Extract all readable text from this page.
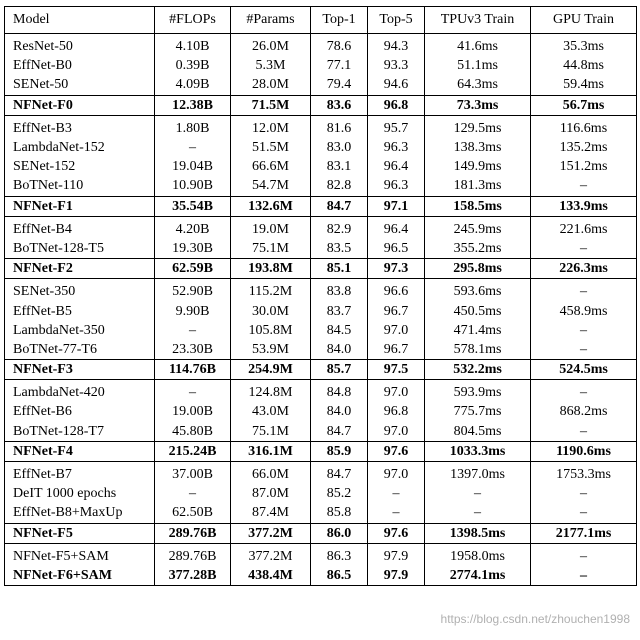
Model	#FLOPs	#Params	Top-1	Top-5	TPUv3 Train	GPU Train
ResNet-50	4.10B	26.0M	78.6	94.3	41.6ms	35.3ms
EffNet-B0	0.39B	5.3M	77.1	93.3	51.1ms	44.8ms
SENet-50	4.09B	28.0M	79.4	94.6	64.3ms	59.4ms
NFNet-F0	12.38B	71.5M	83.6	96.8	73.3ms	56.7ms
EffNet-B3	1.80B	12.0M	81.6	95.7	129.5ms	116.6ms
LambdaNet-152	–	51.5M	83.0	96.3	138.3ms	135.2ms
SENet-152	19.04B	66.6M	83.1	96.4	149.9ms	151.2ms
BoTNet-110	10.90B	54.7M	82.8	96.3	181.3ms	–
NFNet-F1	35.54B	132.6M	84.7	97.1	158.5ms	133.9ms
EffNet-B4	4.20B	19.0M	82.9	96.4	245.9ms	221.6ms
BoTNet-128-T5	19.30B	75.1M	83.5	96.5	355.2ms	–
NFNet-F2	62.59B	193.8M	85.1	97.3	295.8ms	226.3ms
SENet-350	52.90B	115.2M	83.8	96.6	593.6ms	–
EffNet-B5	9.90B	30.0M	83.7	96.7	450.5ms	458.9ms
LambdaNet-350	–	105.8M	84.5	97.0	471.4ms	–
BoTNet-77-T6	23.30B	53.9M	84.0	96.7	578.1ms	–
NFNet-F3	114.76B	254.9M	85.7	97.5	532.2ms	524.5ms
LambdaNet-420	–	124.8M	84.8	97.0	593.9ms	–
EffNet-B6	19.00B	43.0M	84.0	96.8	775.7ms	868.2ms
BoTNet-128-T7	45.80B	75.1M	84.7	97.0	804.5ms	–
NFNet-F4	215.24B	316.1M	85.9	97.6	1033.3ms	1190.6ms
EffNet-B7	37.00B	66.0M	84.7	97.0	1397.0ms	1753.3ms
DeIT 1000 epochs	–	87.0M	85.2	–	–	–
EffNet-B8+MaxUp	62.50B	87.4M	85.8	–	–	–
NFNet-F5	289.76B	377.2M	86.0	97.6	1398.5ms	2177.1ms
NFNet-F5+SAM	289.76B	377.2M	86.3	97.9	1958.0ms	–
NFNet-F6+SAM	377.28B	438.4M	86.5	97.9	2774.1ms	–
https://blog.csdn.net/zhouchen1998
